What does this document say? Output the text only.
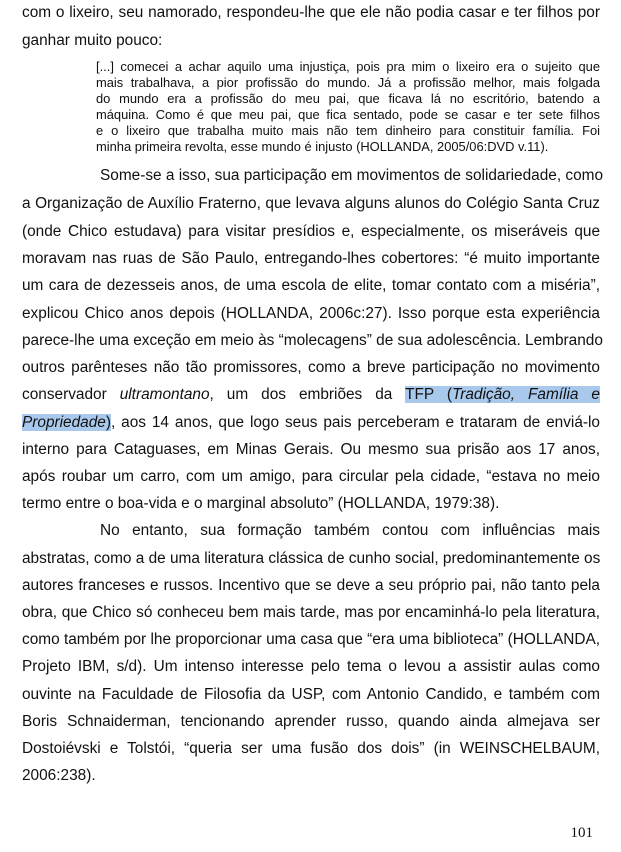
com o lixeiro, seu namorado, respondeu-lhe que ele não podia casar e ter filhos por
ganhar muito pouco:
[...] comecei a achar aquilo uma injustiça, pois pra mim o lixeiro era o sujeito que
mais trabalhava, a pior profissão do mundo. Já a profissão melhor, mais folgada
do mundo era a profissão do meu pai, que ficava lá no escritório, batendo a
máquina. Como é que meu pai, que fica sentado, pode se casar e ter sete filhos
e o lixeiro que trabalha muito mais não tem dinheiro para constituir família. Foi
minha primeira revolta, esse mundo é injusto (HOLLANDA, 2005/06:DVD v.11).
Some-se a isso, sua participação em movimentos de solidariedade, como
a Organização de Auxílio Fraterno, que levava alguns alunos do Colégio Santa Cruz
(onde Chico estudava) para visitar presídios e, especialmente, os miseráveis que
moravam nas ruas de São Paulo, entregando-lhes cobertores: “é muito importante
um cara de dezesseis anos, de uma escola de elite, tomar contato com a miséria”,
explicou Chico anos depois (HOLLANDA, 2006c:27). Isso porque esta experiência
parece-lhe uma exceção em meio às “molecagens” de sua adolescência. Lembrando
outros parênteses não tão promissores, como a breve participação no movimento
conservador ultramontano, um dos embriões da TFP (Tradição, Família e
Propriedade), aos 14 anos, que logo seus pais perceberam e trataram de enviá-lo
interno para Cataguases, em Minas Gerais. Ou mesmo sua prisão aos 17 anos,
após roubar um carro, com um amigo, para circular pela cidade, “estava no meio
termo entre o boa-vida e o marginal absoluto” (HOLLANDA, 1979:38).
No entanto, sua formação também contou com influências mais
abstratas, como a de uma literatura clássica de cunho social, predominantemente os
autores franceses e russos. Incentivo que se deve a seu próprio pai, não tanto pela
obra, que Chico só conheceu bem mais tarde, mas por encaminhá-lo pela literatura,
como também por lhe proporcionar uma casa que “era uma biblioteca” (HOLLANDA,
Projeto IBM, s/d). Um intenso interesse pelo tema o levou a assistir aulas como
ouvinte na Faculdade de Filosofia da USP, com Antonio Candido, e também com
Boris Schnaiderman, tencionando aprender russo, quando ainda almejava ser
Dostoiévski e Tolstói, “queria ser uma fusão dos dois” (in WEINSCHELBAUM,
2006:238).
101
